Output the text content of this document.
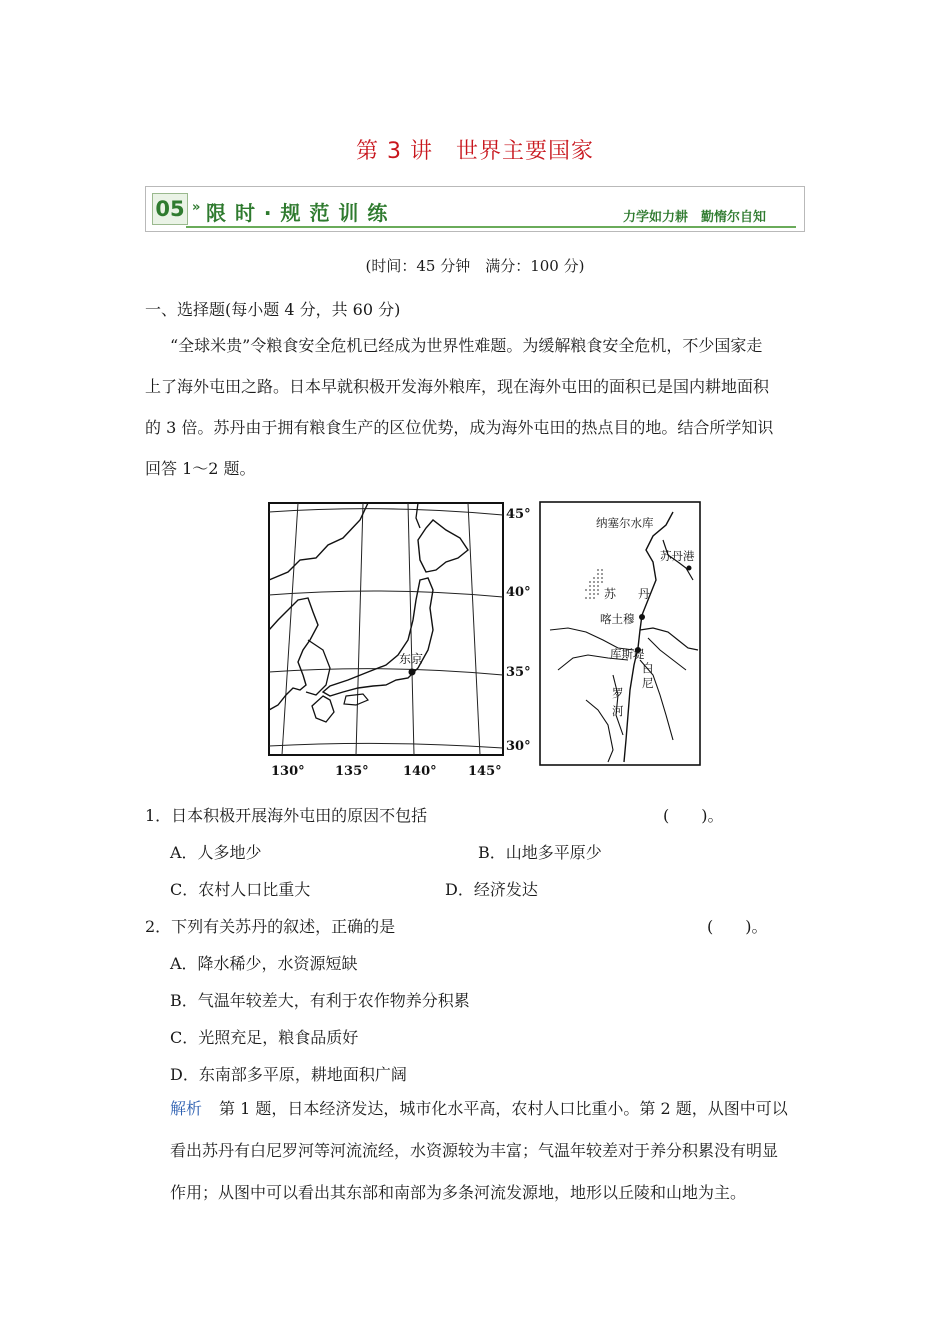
第 3 讲　世界主要国家
05 » 限 时 · 规 范 训 练	力学如力耕　勤惰尔自知
(时间：45 分钟　满分：100 分)
一、选择题(每小题 4 分，共 60 分)
“全球米贵”令粮食安全危机已经成为世界性难题。为缓解粮食安全危机，不少国家走
上了海外屯田之路。日本早就积极开发海外粮库，现在海外屯田的面积已是国内耕地面积
的 3 倍。苏丹由于拥有粮食生产的区位优势，成为海外屯田的热点目的地。结合所学知识
回答 1～2 题。
东京
45°
40°
35°
30°
130° 135°	140° 145°
纳塞尔水库
苏丹港
苏 丹
喀土穆
库斯堤
白
尼
罗
河
1．日本积极开展海外屯田的原因不包括	(　　)。
A．人多地少	B．山地多平原少
C．农村人口比重大	D．经济发达
2．下列有关苏丹的叙述，正确的是	(　　)。
A．降水稀少，水资源短缺
B．气温年较差大，有利于农作物养分积累
C．光照充足，粮食品质好
D．东南部多平原，耕地面积广阔
解析 第 1 题，日本经济发达，城市化水平高，农村人口比重小。第 2 题，从图中可以
看出苏丹有白尼罗河等河流流经，水资源较为丰富；气温年较差对于养分积累没有明显
作用；从图中可以看出其东部和南部为多条河流发源地，地形以丘陵和山地为主。
